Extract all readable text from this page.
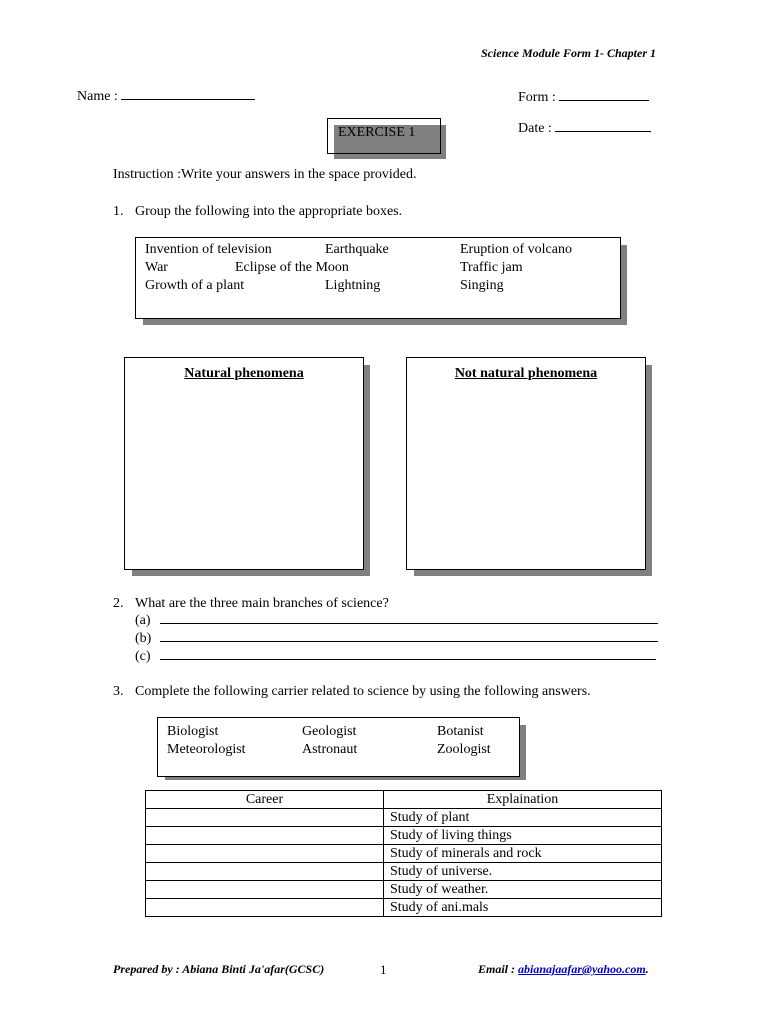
Science Module Form 1- Chapter 1
Name :	Form :
Date :
EXERCISE 1
Instruction :Write your answers in the space provided.
1. Group the following into the appropriate boxes.
Invention of television	Earthquake	Eruption of volcano
War	Eclipse of the Moon	Traffic jam
Growth of a plant	Lightning	Singing
Natural phenomena	Not natural phenomena
2. What are the three main branches of science?
(a)
(b)
(c)
3. Complete the following carrier related to science by using the following answers.
Biologist	Geologist	Botanist
Meteorologist	Astronaut	Zoologist
Career	Explaination
	Study of plant
	Study of living things
	Study of minerals and rock
	Study of universe.
	Study of weather.
	Study of ani.mals
Prepared by : Abiana Binti Ja'afar(GCSC)	1	Email : abianajaafar@yahoo.com.
